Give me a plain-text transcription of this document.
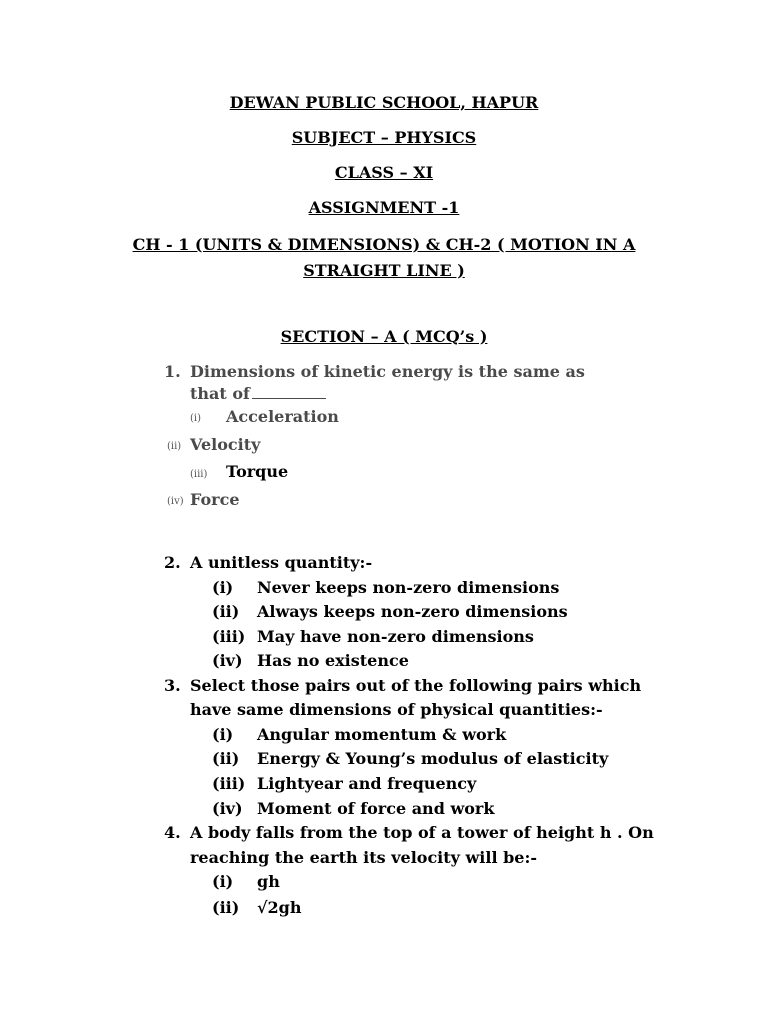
DEWAN PUBLIC SCHOOL, HAPUR
SUBJECT – PHYSICS
CLASS – XI
ASSIGNMENT -1
CH - 1 (UNITS & DIMENSIONS) & CH-2 ( MOTION IN A STRAIGHT LINE )
SECTION – A ( MCQ’s )
1. Dimensions of kinetic energy is the same as
that of
(i) Acceleration
(ii) Velocity
(iii) Torque
(iv) Force
2. A unitless quantity:-
(i) Never keeps non-zero dimensions
(ii) Always keeps non-zero dimensions
(iii) May have non-zero dimensions
(iv) Has no existence
3. Select those pairs out of the following pairs which
have same dimensions of physical quantities:-
(i) Angular momentum & work
(ii) Energy & Young’s modulus of elasticity
(iii) Lightyear and frequency
(iv) Moment of force and work
4. A body falls from the top of a tower of height h . On
reaching the earth its velocity will be:-
(i) gh
(ii) √2gh
